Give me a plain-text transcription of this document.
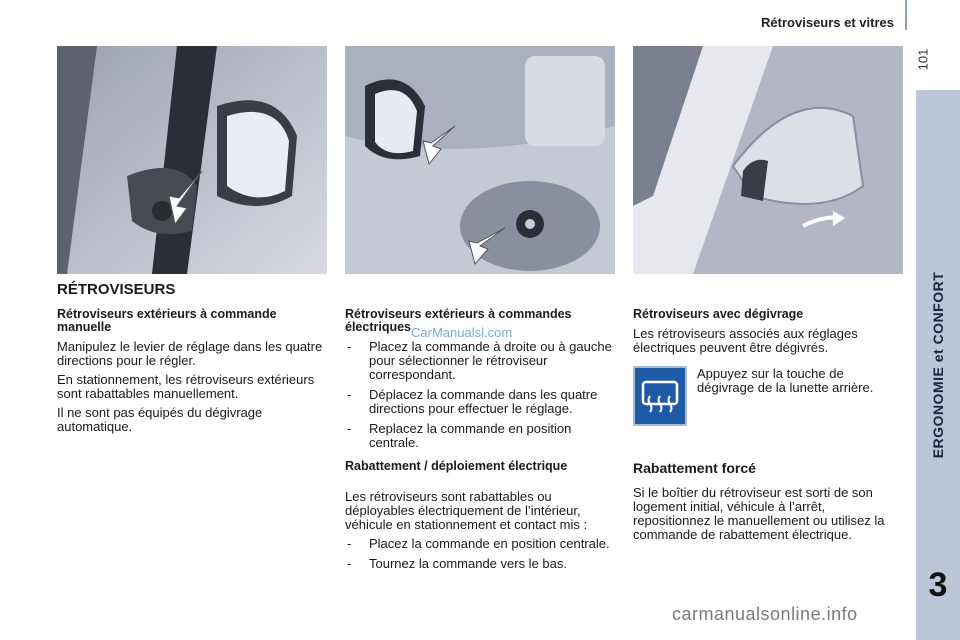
Rétroviseurs et vitres
101
ERGONOMIE et CONFORT
3
RÉTROVISEURS
Rétroviseurs extérieurs à commande manuelle

Manipulez le levier de réglage dans les quatre directions pour le régler.

En stationnement, les rétroviseurs extérieurs sont rabattables manuellement.

Il ne sont pas équipés du dégivrage automatique.

Rétroviseurs extérieurs à commandes électriques
- Placez la commande à droite ou à gauche pour sélectionner le rétroviseur correspondant.
- Déplacez la commande dans les quatre directions pour effectuer le réglage.
- Replacez la commande en position centrale.
Rabattement / déploiement électrique

Les rétroviseurs sont rabattables ou déployables électriquement de l’intérieur, véhicule en stationnement et contact mis :

- Placez la commande en position centrale.
- Tournez la commande vers le bas.
Rétroviseurs avec dégivrage

Les rétroviseurs associés aux réglages électriques peuvent être dégivrés.

Appuyez sur la touche de dégivrage de la lunette arrière.
Rabattement forcé
Si le boîtier du rétroviseur est sorti de son logement initial, véhicule à l’arrêt, repositionnez le manuellement ou utilisez la commande de rabattement électrique.
CarManualsl.com
carmanualsonline.info
